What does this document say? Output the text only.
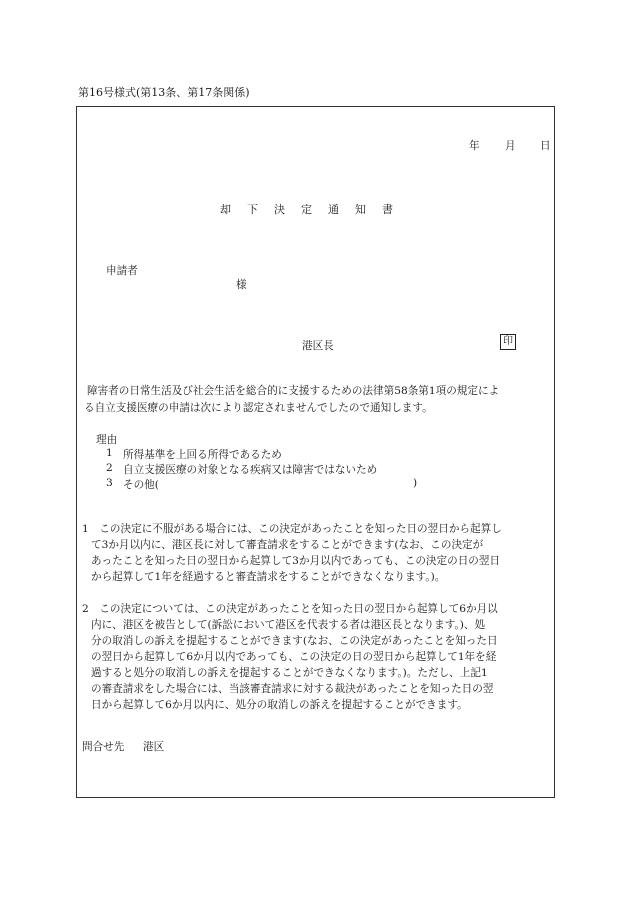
第16号様式(第13条、第17条関係)
年 月 日
却 下 決 定 通 知 書
申請者
様
港区長	印
障害者の日常生活及び社会生活を総合的に支援するための法律第58条第1項の規定によ
る自立支援医療の申請は次により認定されませんでしたので通知します。
理由
1 所得基準を上回る所得であるため
2 自立支援医療の対象となる疾病又は障害ではないため
3 その他(	)
1　この決定に不服がある場合には、この決定があったことを知った日の翌日から起算し
て3か月以内に、港区長に対して審査請求をすることができます(なお、この決定が
あったことを知った日の翌日から起算して3か月以内であっても、この決定の日の翌日
から起算して1年を経過すると審査請求をすることができなくなります。)。
2　この決定については、この決定があったことを知った日の翌日から起算して6か月以
内に、港区を被告として(訴訟において港区を代表する者は港区長となります。)、処
分の取消しの訴えを提起することができます(なお、この決定があったことを知った日
の翌日から起算して6か月以内であっても、この決定の日の翌日から起算して1年を経
過すると処分の取消しの訴えを提起することができなくなります。)。ただし、上記1
の審査請求をした場合には、当該審査請求に対する裁決があったことを知った日の翌
日から起算して6か月以内に、処分の取消しの訴えを提起することができます。
問合せ先 港区
